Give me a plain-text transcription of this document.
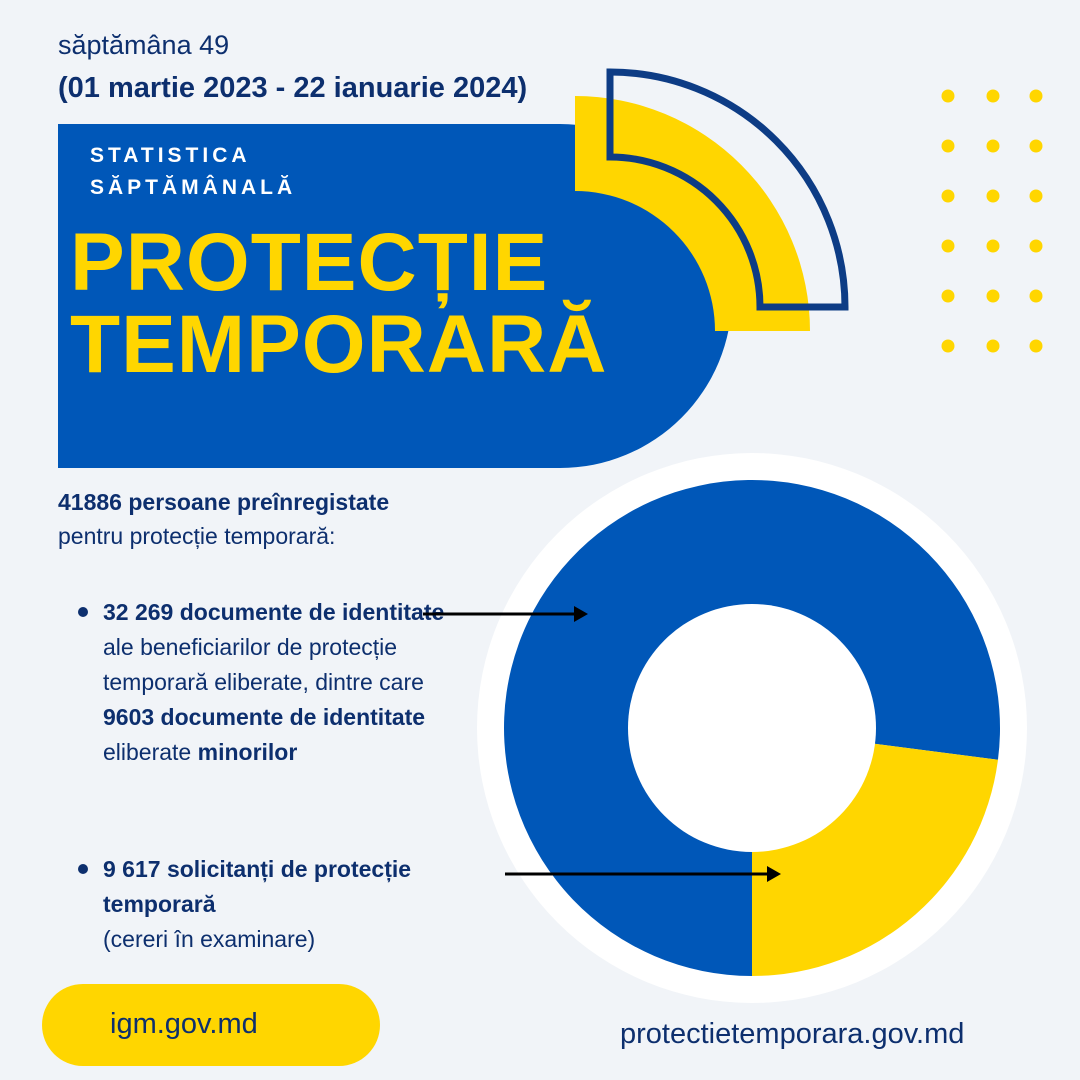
săptămâna 49
(01 martie 2023 - 22 ianuarie 2024)
STATISTICA
SĂPTĂMÂNALĂ
PROTECȚIE
TEMPORARĂ
41886 persoane preînregistate
pentru protecție temporară:
32 269 documente de identitate ale beneficiarilor de protecție temporară eliberate, dintre care 9603 documente de identitate eliberate minorilor
9 617 solicitanți de protecție temporară
(cereri în examinare)
igm.gov.md	protectietemporara.gov.md
